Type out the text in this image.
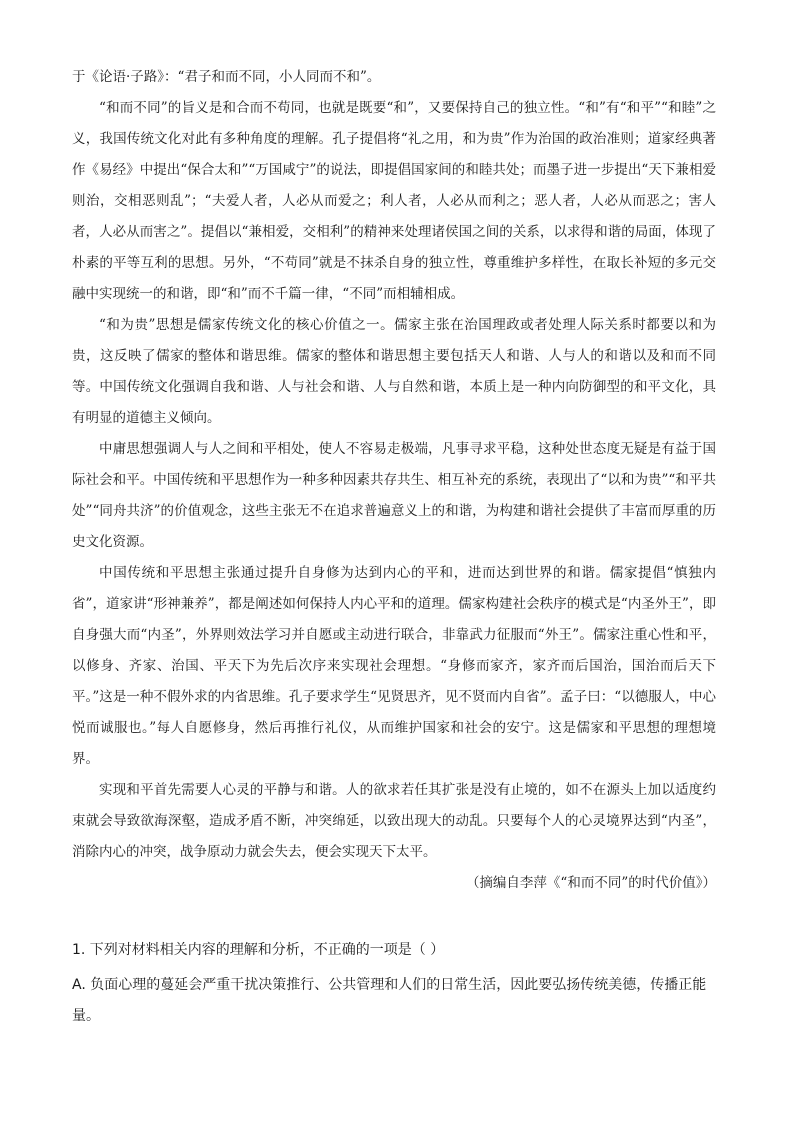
于《论语·子路》：“君子和而不同，小人同而不和”。

“和而不同”的旨义是和合而不苟同，也就是既要“和”，又要保持自己的独立性。“和”有“和平”“和睦”之义，我国传统文化对此有多种角度的理解。孔子提倡将“礼之用，和为贵”作为治国的政治准则；道家经典著作《易经》中提出“保合太和”“万国咸宁”的说法，即提倡国家间的和睦共处；而墨子进一步提出“天下兼相爱则治，交相恶则乱”；“夫爱人者，人必从而爱之；利人者，人必从而利之；恶人者，人必从而恶之；害人者，人必从而害之”。提倡以“兼相爱，交相利”的精神来处理诸侯国之间的关系，以求得和谐的局面，体现了朴素的平等互利的思想。另外，“不苟同”就是不抹杀自身的独立性，尊重维护多样性，在取长补短的多元交融中实现统一的和谐，即“和”而不千篇一律，“不同”而相辅相成。

“和为贵”思想是儒家传统文化的核心价值之一。儒家主张在治国理政或者处理人际关系时都要以和为贵，这反映了儒家的整体和谐思维。儒家的整体和谐思想主要包括天人和谐、人与人的和谐以及和而不同等。中国传统文化强调自我和谐、人与社会和谐、人与自然和谐，本质上是一种内向防御型的和平文化，具有明显的道德主义倾向。

中庸思想强调人与人之间和平相处，使人不容易走极端，凡事寻求平稳，这种处世态度无疑是有益于国际社会和平。中国传统和平思想作为一种多种因素共存共生、相互补充的系统，表现出了“以和为贵”“和平共处”“同舟共济”的价值观念，这些主张无不在追求普遍意义上的和谐，为构建和谐社会提供了丰富而厚重的历史文化资源。

中国传统和平思想主张通过提升自身修为达到内心的平和，进而达到世界的和谐。儒家提倡“慎独内省”，道家讲“形神兼养”，都是阐述如何保持人内心平和的道理。儒家构建社会秩序的模式是“内圣外王”，即自身强大而“内圣”，外界则效法学习并自愿或主动进行联合，非靠武力征服而“外王”。儒家注重心性和平，以修身、齐家、治国、平天下为先后次序来实现社会理想。“身修而家齐，家齐而后国治，国治而后天下平。”这是一种不假外求的内省思维。孔子要求学生“见贤思齐，见不贤而内自省”。孟子曰：“以德服人，中心悦而诚服也。”每人自愿修身，然后再推行礼仪，从而维护国家和社会的安宁。这是儒家和平思想的理想境界。

实现和平首先需要人心灵的平静与和谐。人的欲求若任其扩张是没有止境的，如不在源头上加以适度约束就会导致欲海深壑，造成矛盾不断，冲突绵延，以致出现大的动乱。只要每个人的心灵境界达到“内圣”，消除内心的冲突，战争原动力就会失去，便会实现天下太平。

（摘编自李萍《“和而不同”的时代价值》）

1. 下列对材料相关内容的理解和分析，不正确的一项是（ ）

A. 负面心理的蔓延会严重干扰决策推行、公共管理和人们的日常生活，因此要弘扬传统美德，传播正能量。
